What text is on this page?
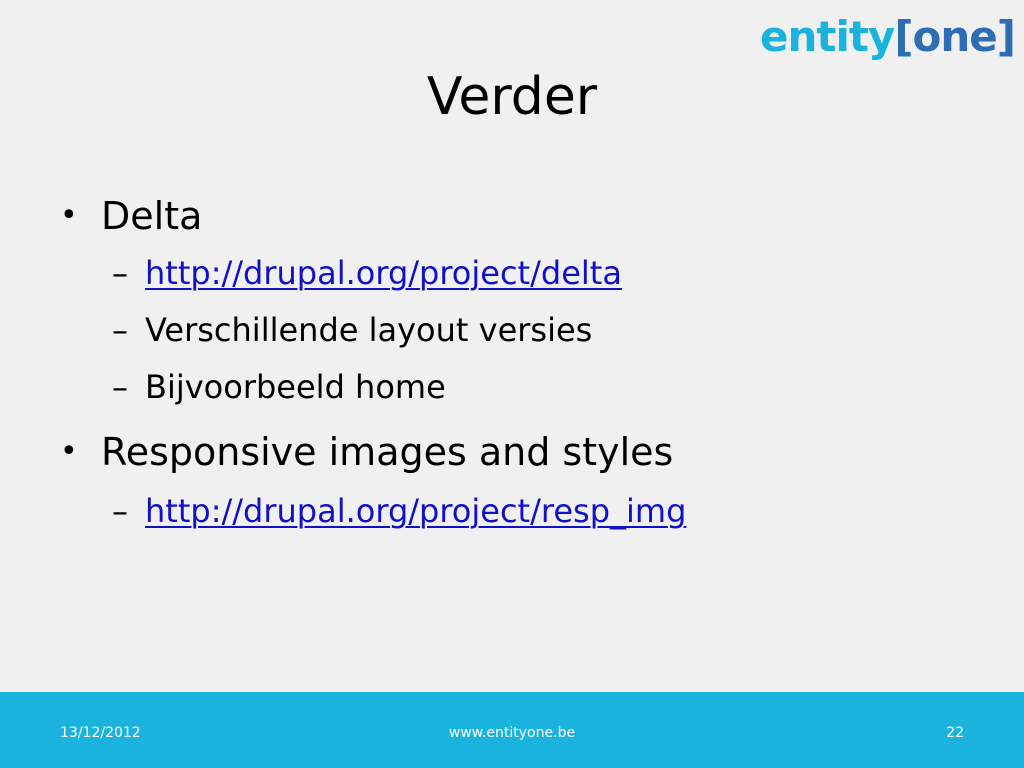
entity [one]
Verder
• Delta
– http://drupal.org/project/delta
– Verschillende layout versies
– Bijvoorbeeld home
• Responsive images and styles
– http://drupal.org/project/resp_img
13/12/2012	www.entityone.be	22
